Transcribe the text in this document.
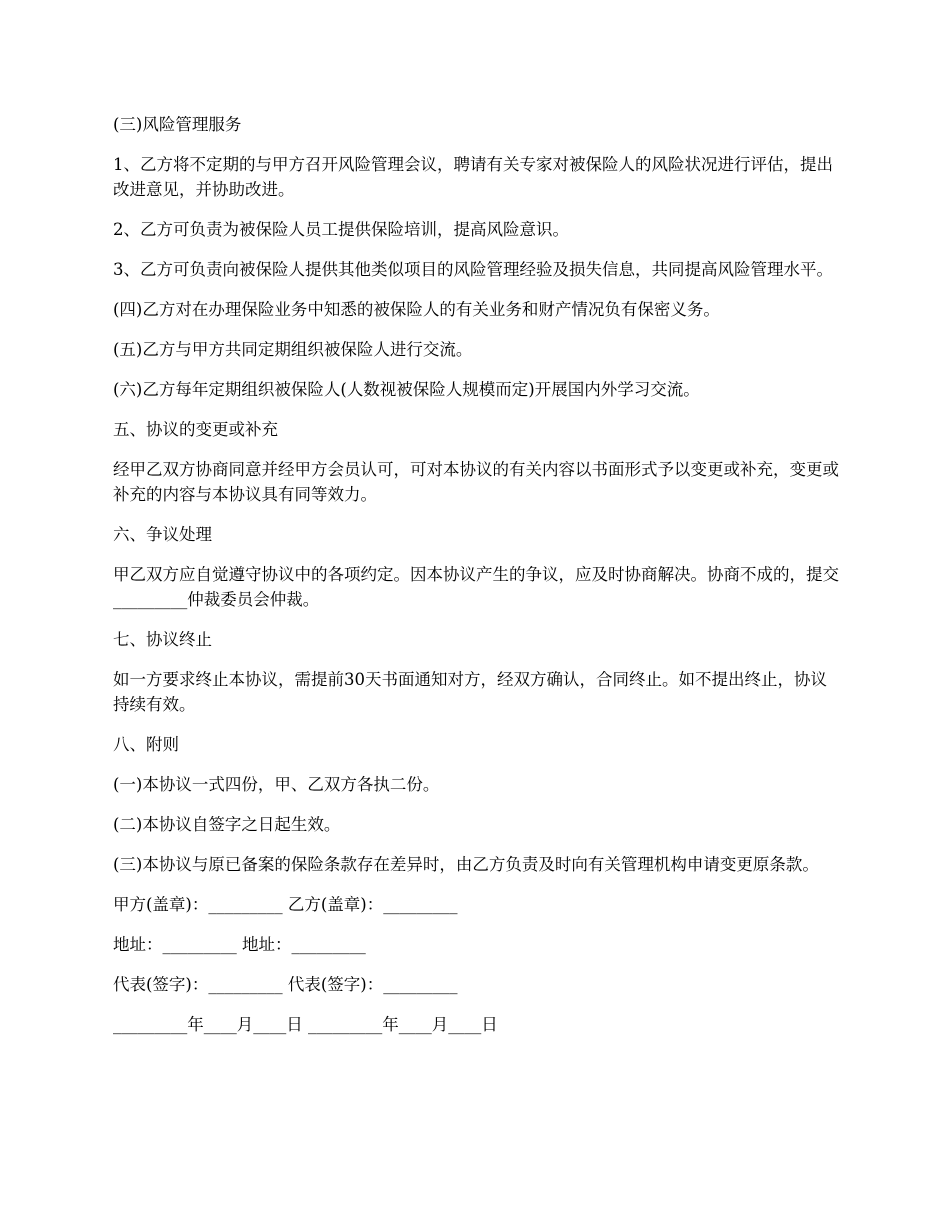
(三)风险管理服务

1、乙方将不定期的与甲方召开风险管理会议，聘请有关专家对被保险人的风险状况进行评估，提出改进意见，并协助改进。

2、乙方可负责为被保险人员工提供保险培训，提高风险意识。

3、乙方可负责向被保险人提供其他类似项目的风险管理经验及损失信息，共同提高风险管理水平。

(四)乙方对在办理保险业务中知悉的被保险人的有关业务和财产情况负有保密义务。

(五)乙方与甲方共同定期组织被保险人进行交流。

(六)乙方每年定期组织被保险人(人数视被保险人规模而定)开展国内外学习交流。

五、协议的变更或补充

经甲乙双方协商同意并经甲方会员认可，可对本协议的有关内容以书面形式予以变更或补充，变更或补充的内容与本协议具有同等效力。

六、争议处理

甲乙双方应自觉遵守协议中的各项约定。因本协议产生的争议，应及时协商解决。协商不成的，提交_________仲裁委员会仲裁。

七、协议终止

如一方要求终止本协议，需提前30天书面通知对方，经双方确认，合同终止。如不提出终止，协议持续有效。

八、附则

(一)本协议一式四份，甲、乙双方各执二份。

(二)本协议自签字之日起生效。

(三)本协议与原已备案的保险条款存在差异时，由乙方负责及时向有关管理机构申请变更原条款。

甲方(盖章)：_________ 乙方(盖章)：_________

地址：_________ 地址：_________

代表(签字)：_________ 代表(签字)：_________

_________年____月____日 _________年____月____日
